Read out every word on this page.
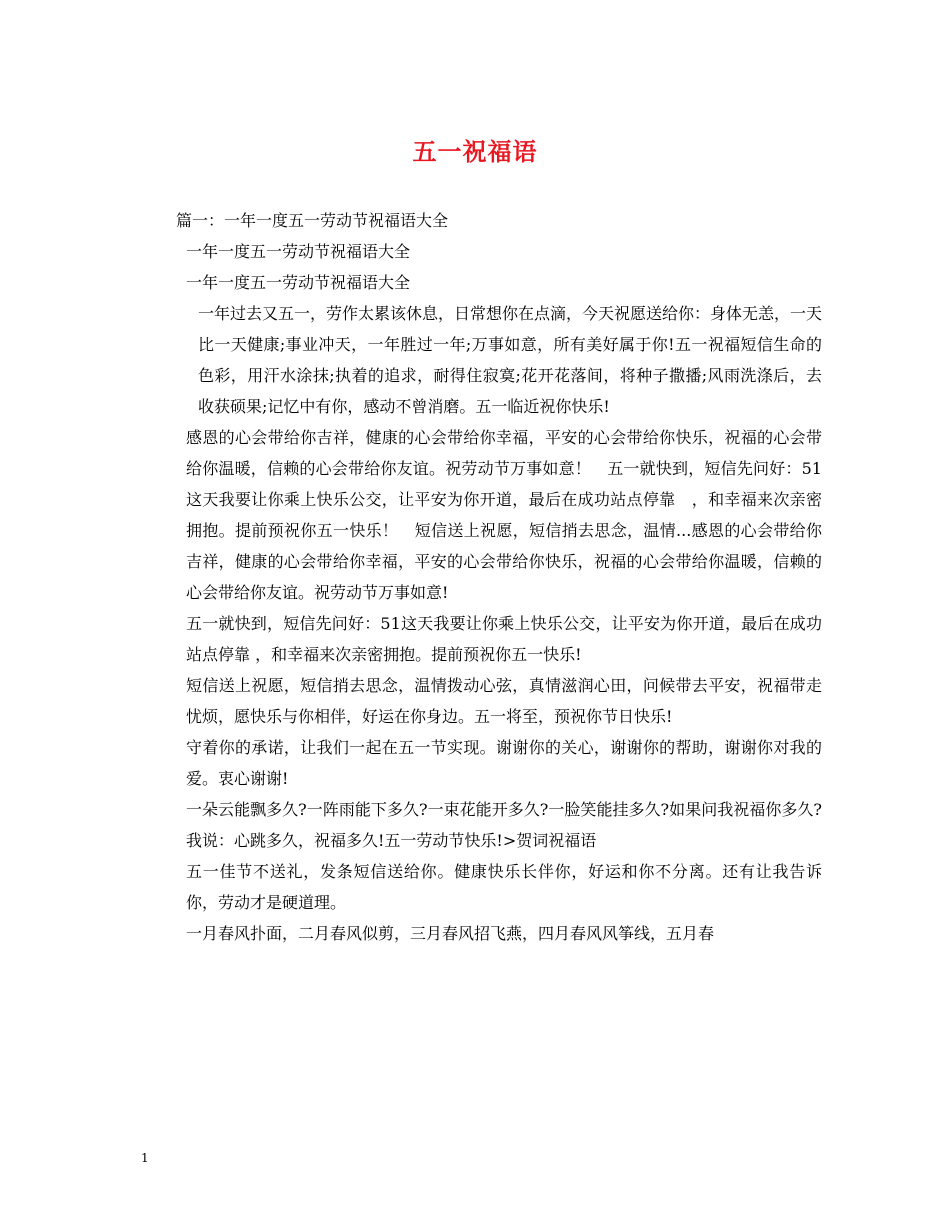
五一祝福语

篇一：一年一度五一劳动节祝福语大全

一年一度五一劳动节祝福语大全

一年一度五一劳动节祝福语大全

一年过去又五一，劳作太累该休息，日常想你在点滴，今天祝愿送给你：身体无恙，一天比一天健康;事业冲天，一年胜过一年;万事如意，所有美好属于你!五一祝福短信生命的色彩，用汗水涂抹;执着的追求，耐得住寂寞;花开花落间，将种子撒播;风雨洗涤后，去收获硕果;记忆中有你，感动不曾消磨。五一临近祝你快乐!

感恩的心会带给你吉祥，健康的心会带给你幸福，平安的心会带给你快乐，祝福的心会带给你温暖，信赖的心会带给你友谊。祝劳动节万事如意！　五一就快到，短信先问好：51这天我要让你乘上快乐公交，让平安为你开道，最后在成功站点停靠　，和幸福来次亲密拥抱。提前预祝你五一快乐！　短信送上祝愿，短信捎去思念，温情...感恩的心会带给你吉祥，健康的心会带给你幸福，平安的心会带给你快乐，祝福的心会带给你温暖，信赖的心会带给你友谊。祝劳动节万事如意!

五一就快到，短信先问好：51这天我要让你乘上快乐公交，让平安为你开道，最后在成功站点停靠 ，和幸福来次亲密拥抱。提前预祝你五一快乐!

短信送上祝愿，短信捎去思念，温情拨动心弦，真情滋润心田，问候带去平安，祝福带走忧烦，愿快乐与你相伴，好运在你身边。五一将至，预祝你节日快乐!

守着你的承诺，让我们一起在五一节实现。谢谢你的关心，谢谢你的帮助，谢谢你对我的爱。衷心谢谢!

一朵云能飘多久?一阵雨能下多久?一束花能开多久?一脸笑能挂多久?如果问我祝福你多久?我说：心跳多久，祝福多久!五一劳动节快乐!>贺词祝福语

五一佳节不送礼，发条短信送给你。健康快乐长伴你，好运和你不分离。还有让我告诉你，劳动才是硬道理。

一月春风扑面，二月春风似剪，三月春风招飞燕，四月春风风筝线，五月春

1
